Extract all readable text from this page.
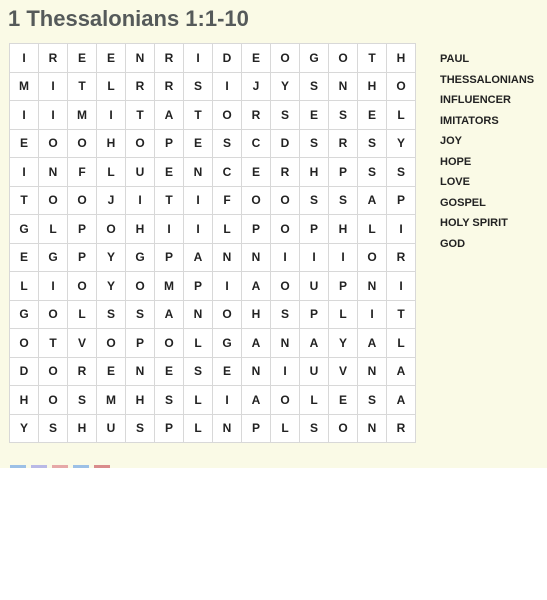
1 Thessalonians 1:1-10
I	R	E	E	N	R	I	D	E	O	G	O	T	H
M	I	T	L	R	R	S	I	J	Y	S	N	H	O
I	I	M	I	T	A	T	O	R	S	E	S	E	L
E	O	O	H	O	P	E	S	C	D	S	R	S	Y
I	N	F	L	U	E	N	C	E	R	H	P	S	S
T	O	O	J	I	T	I	F	O	O	S	S	A	P
G	L	P	O	H	I	I	L	P	O	P	H	L	I
E	G	P	Y	G	P	A	N	N	I	I	I	O	R
L	I	O	Y	O	M	P	I	A	O	U	P	N	I
G	O	L	S	S	A	N	O	H	S	P	L	I	T
O	T	V	O	P	O	L	G	A	N	A	Y	A	L
D	O	R	E	N	E	S	E	N	I	U	V	N	A
H	O	S	M	H	S	L	I	A	O	L	E	S	A
Y	S	H	U	S	P	L	N	P	L	S	O	N	R
PAUL
THESSALONIANS
INFLUENCER
IMITATORS
JOY
HOPE
LOVE
GOSPEL
HOLY SPIRIT
GOD
